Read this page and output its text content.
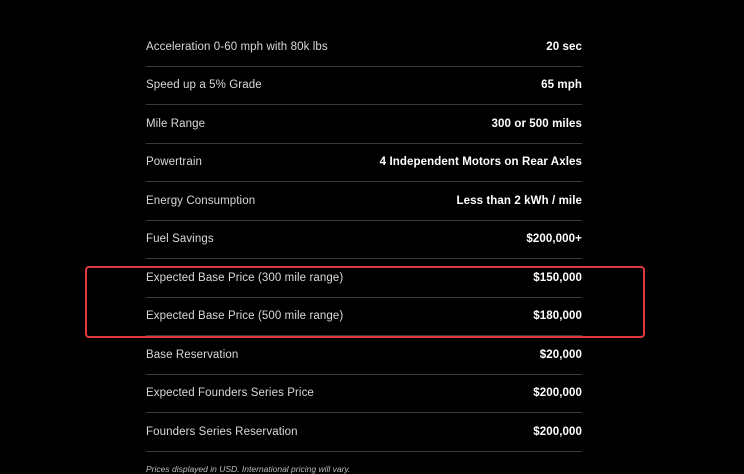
Acceleration 0-60 mph with 80k lbs	20 sec
Speed up a 5% Grade	65 mph
Mile Range	300 or 500 miles
Powertrain	4 Independent Motors on Rear Axles
Energy Consumption	Less than 2 kWh / mile
Fuel Savings	$200,000+
Expected Base Price (300 mile range)	$150,000
Expected Base Price (500 mile range)	$180,000
Base Reservation	$20,000
Expected Founders Series Price	$200,000
Founders Series Reservation	$200,000
Prices displayed in USD. International pricing will vary.
